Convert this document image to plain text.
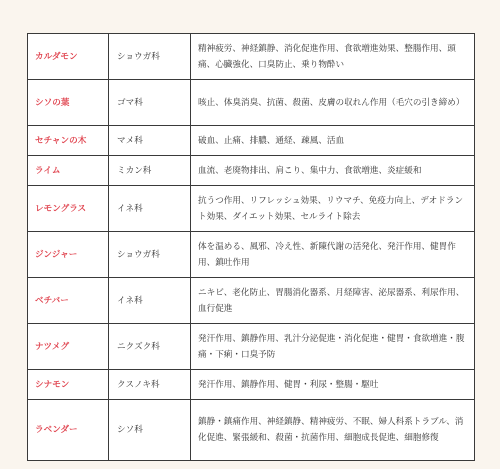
カルダモン	ショウガ科	精神疲労、神経鎮静、消化促進作用、食欲増進効果、整腸作用、頭痛、心臓強化、口臭防止、乗り物酔い
シソの葉	ゴマ科	咳止、体臭消臭、抗菌、殺菌、皮膚の収れん作用（毛穴の引き締め）
セチャンの木	マメ科	破血、止痛、排膿、通経、疎風、活血
ライム	ミカン科	血流、老廃物排出、肩こり、集中力、食欲増進、炎症緩和
レモングラス	イネ科	抗うつ作用、リフレッシュ効果、リウマチ、免疫力向上、デオドラント効果、ダイエット効果、セルライト除去
ジンジャー	ショウガ科	体を温める、風邪、冷え性、新陳代謝の活発化、発汗作用、健胃作用、鎮吐作用
ベチバー	イネ科	ニキビ、老化防止、胃腸消化器系、月経障害、泌尿器系、利尿作用、血行促進
ナツメグ	ニクズク科	発汗作用、鎮静作用、乳汁分泌促進・消化促進・健胃・食欲増進・腹痛・下痢・口臭予防
シナモン	クスノキ科	発汗作用、鎮静作用、健胃・利尿・整腸・駆吐
ラベンダー	シソ科	鎮静・鎮痛作用、神経鎮静、精神疲労、不眠、婦人科系トラブル、消化促進、緊張緩和、殺菌・抗菌作用、細胞成長促進、細胞修復
